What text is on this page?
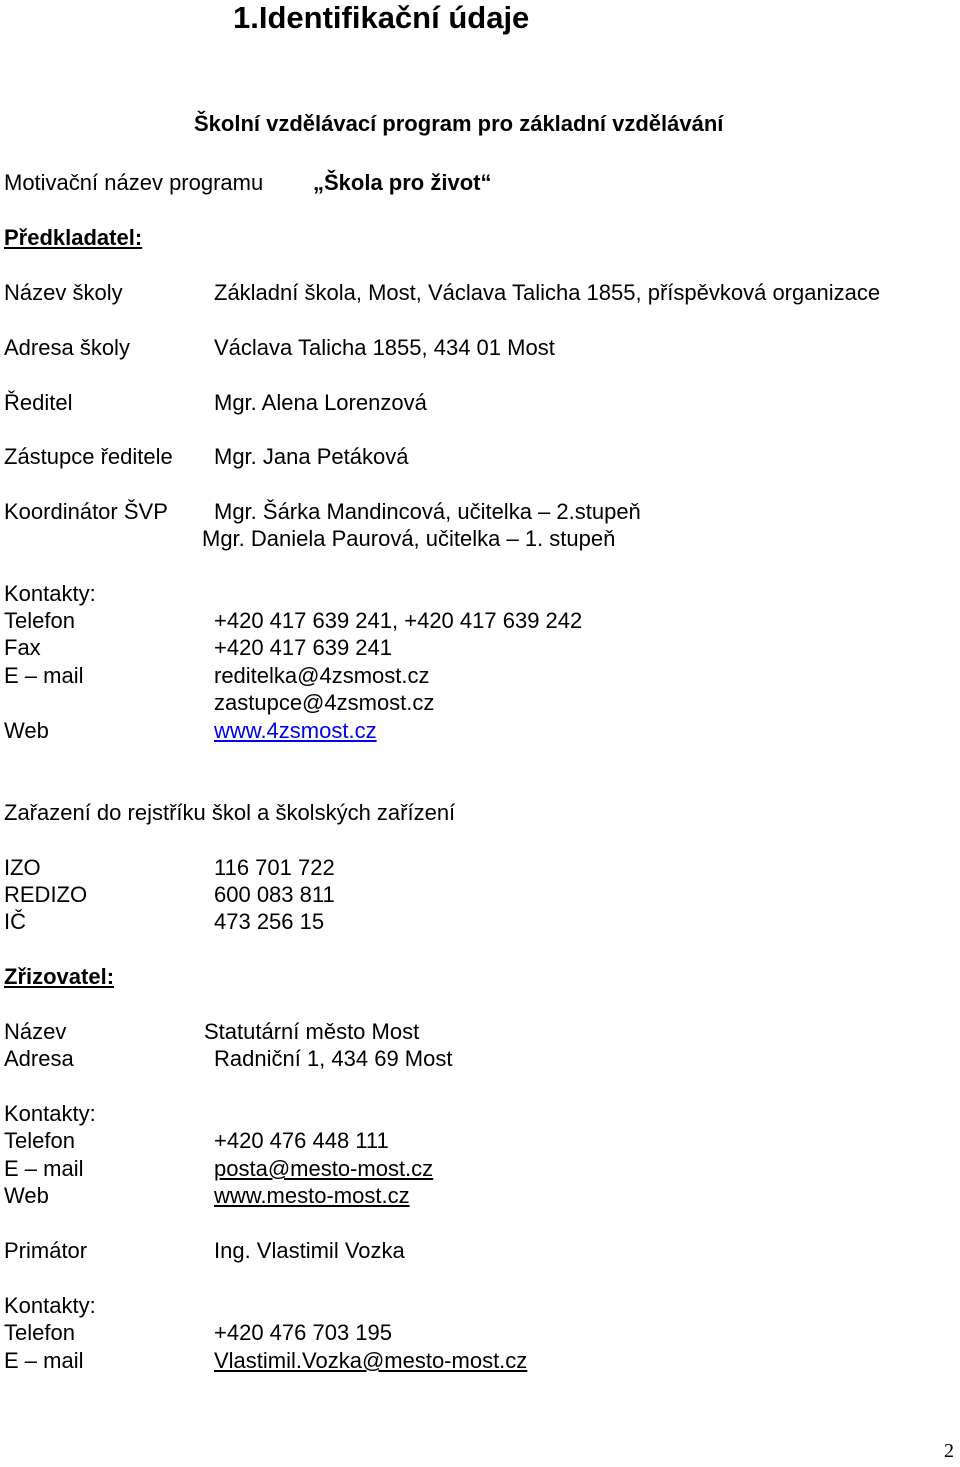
1.Identifikační údaje
Školní vzdělávací program pro základní vzdělávání
Motivační název programu „Škola pro život“
Předkladatel:
Název školy	Základní škola, Most, Václava Talicha 1855, příspěvková organizace
Adresa školy	Václava Talicha 1855, 434 01 Most
Ředitel	Mgr. Alena Lorenzová
Zástupce ředitele Mgr. Jana Petáková
Koordinátor ŠVP Mgr. Šárka Mandincová, učitelka – 2.stupeň
Mgr. Daniela Paurová, učitelka – 1. stupeň
Kontakty:
Telefon	+420 417 639 241, +420 417 639 242
Fax	+420 417 639 241
E – mail	reditelka@4zsmost.cz
zastupce@4zsmost.cz
Web	www.4zsmost.cz
Zařazení do rejstříku škol a školských zařízení
IZO	116 701 722
REDIZO	600 083 811
IČ	473 256 15
Zřizovatel:
Název	Statutární město Most
Adresa	Radniční 1, 434 69 Most
Kontakty:
Telefon	+420 476 448 111
E – mail	posta@mesto-most.cz
Web	www.mesto-most.cz
Primátor	Ing. Vlastimil Vozka
Kontakty:
Telefon	+420 476 703 195
E – mail	Vlastimil.Vozka@mesto-most.cz
2
